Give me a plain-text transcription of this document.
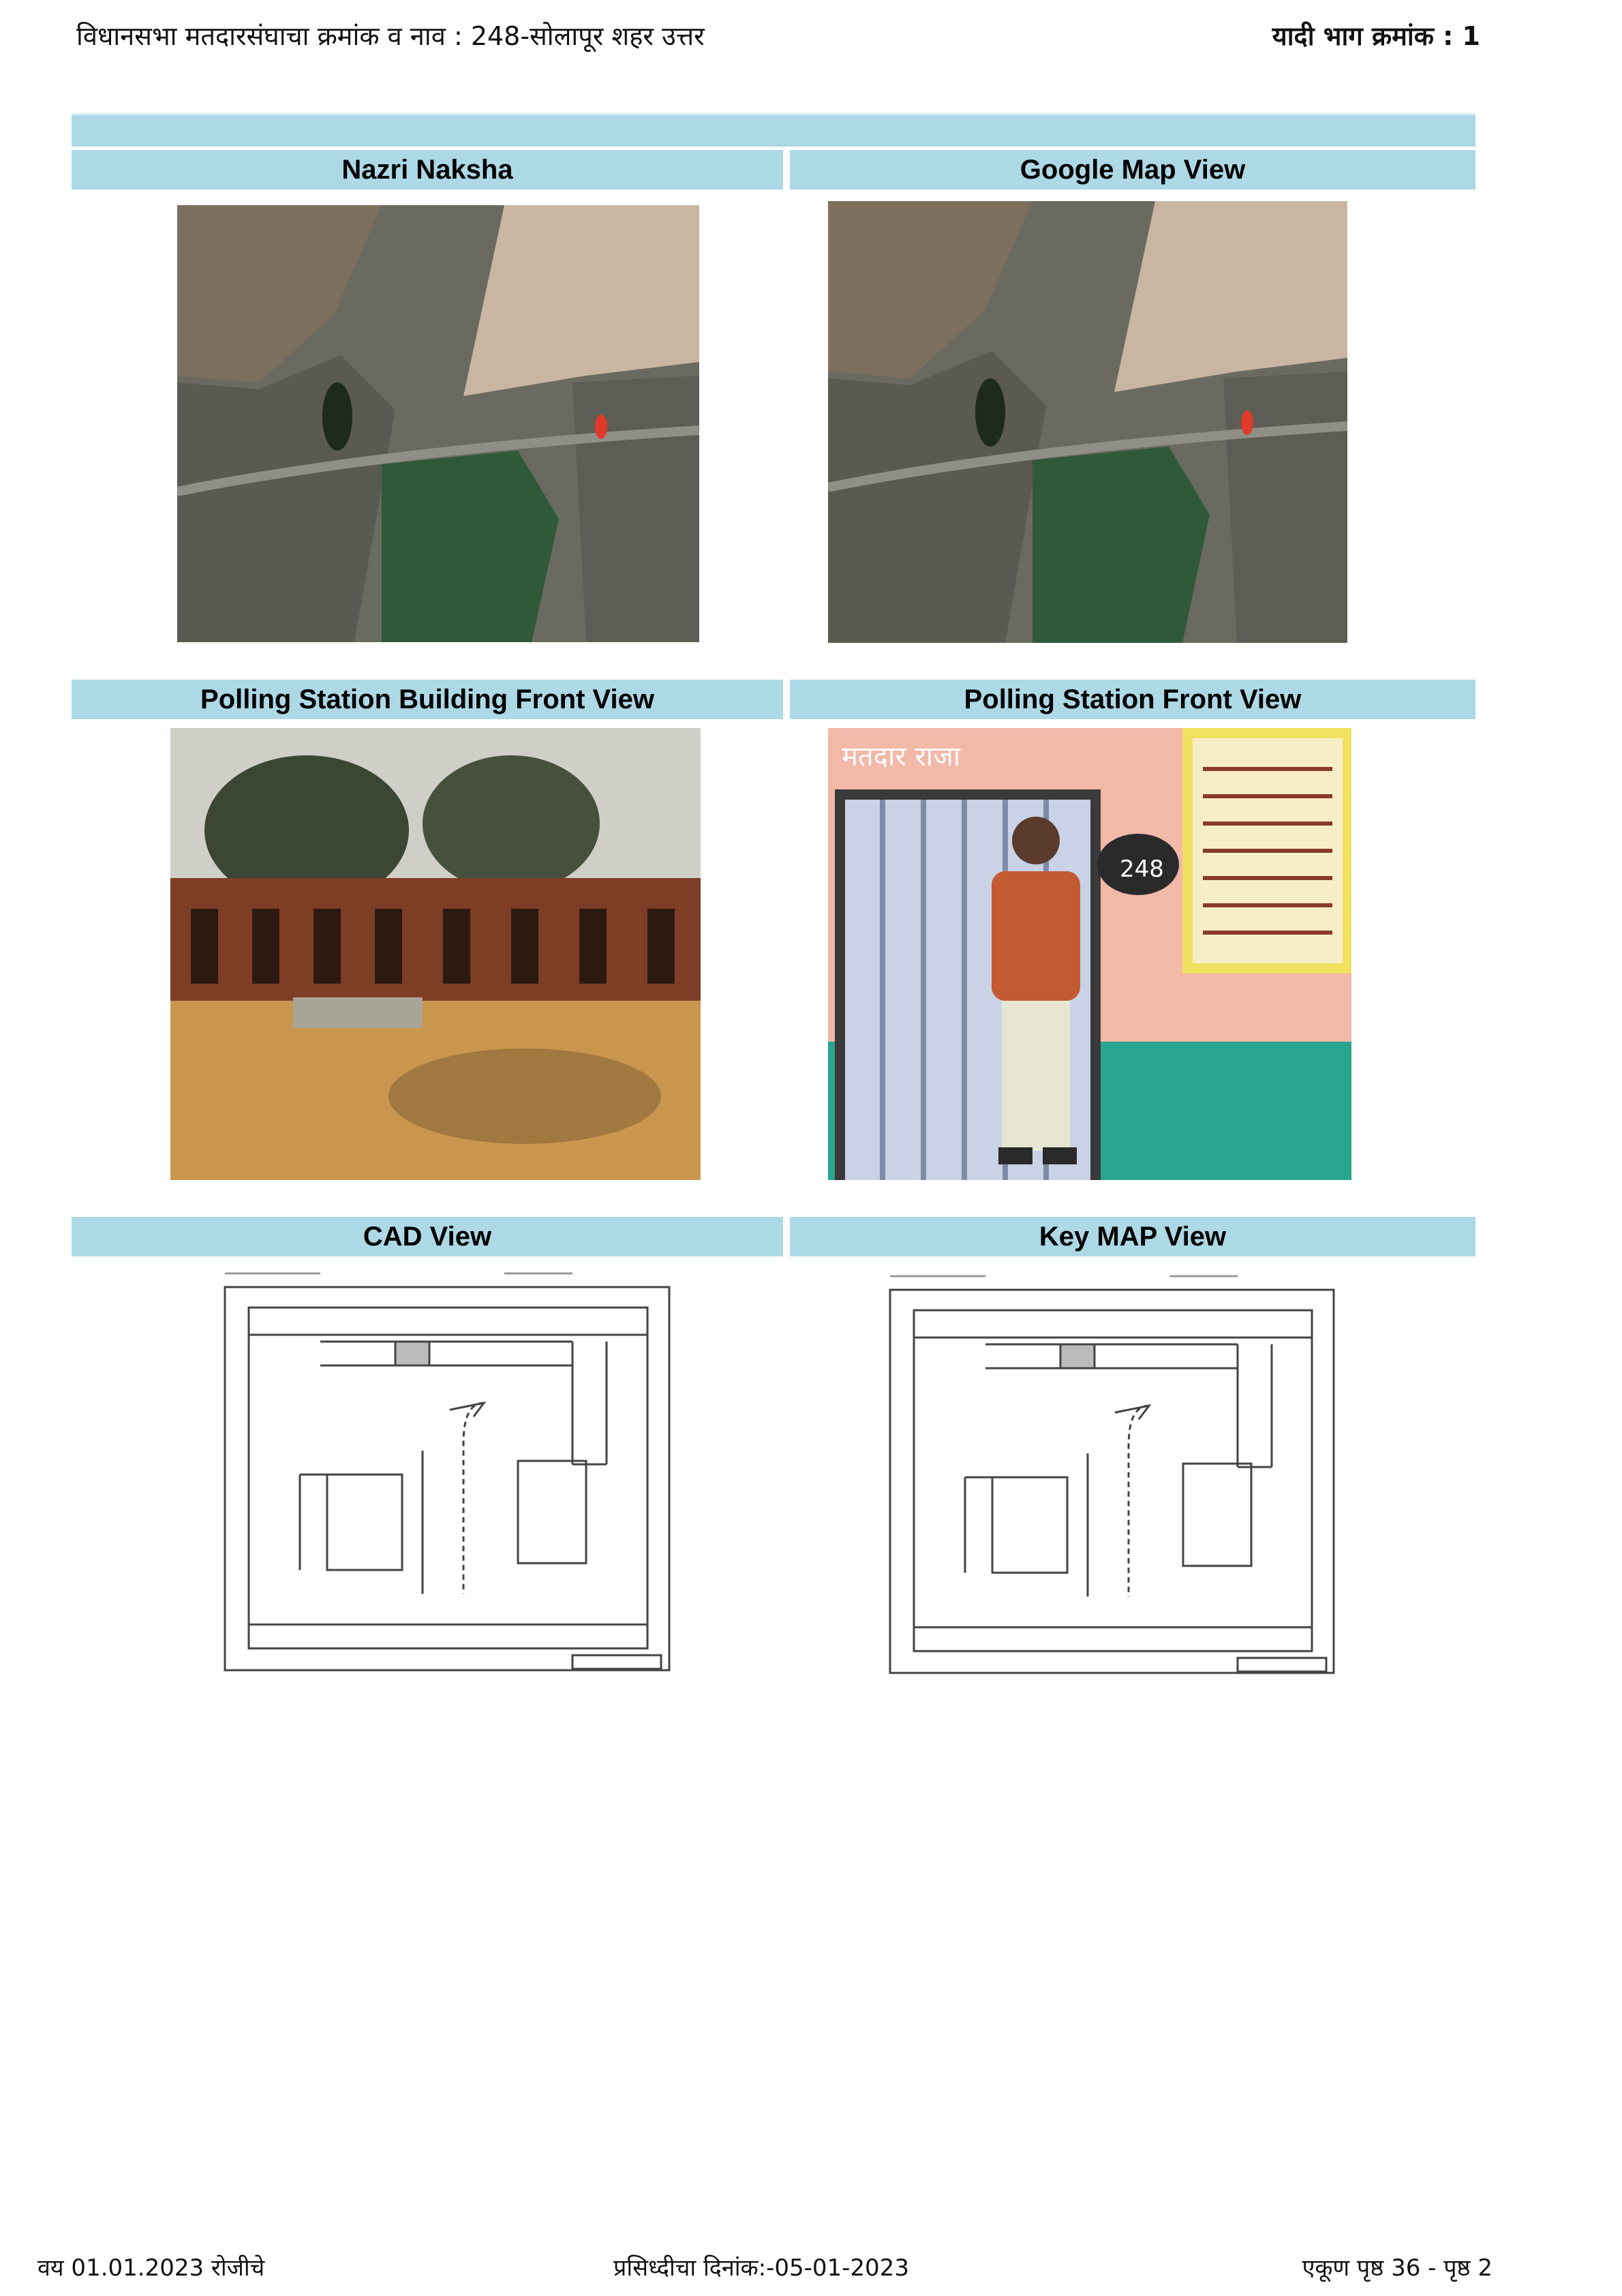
विधानसभा मतदारसंघाचा क्रमांक व नाव : 248-सोलापूर शहर उत्तर	यादी भाग क्रमांक : 1
Nazri Naksha	Google Map View
Polling Station Building Front View	Polling Station Front View
मतदार राजा
248
CAD View	Key MAP View
वय 01.01.2023 रोजीचे	प्रसिध्दीचा दिनांक:-05-01-2023	एकूण पृष्ठ 36 - पृष्ठ 2
